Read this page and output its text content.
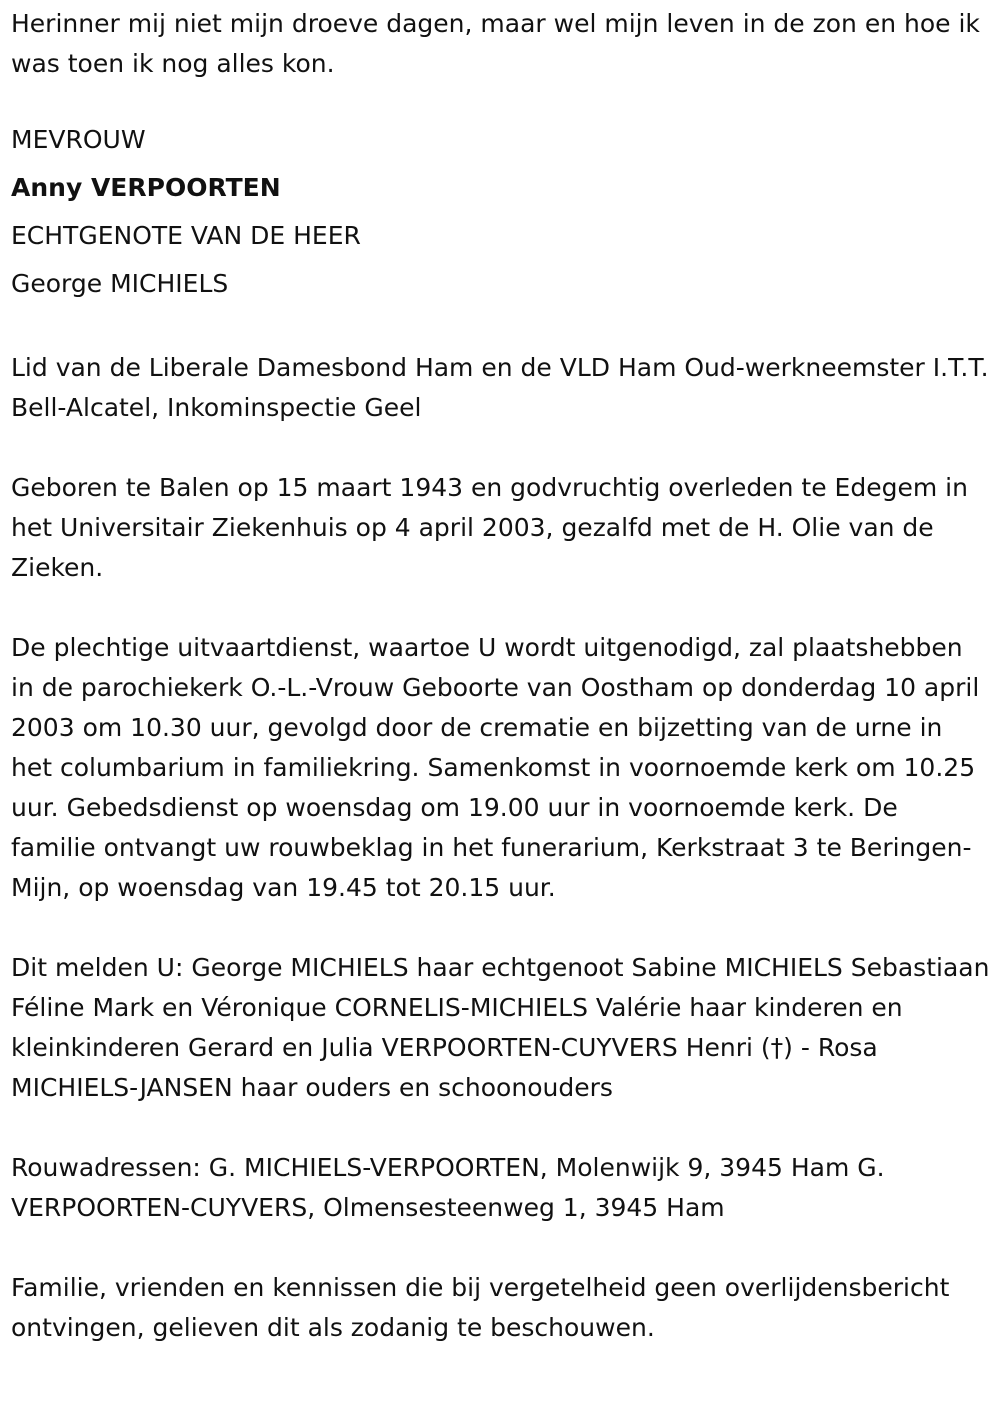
Herinner mij niet mijn droeve dagen, maar wel mijn leven in de zon en hoe ik was toen ik nog alles kon.

MEVROUW

Anny VERPOORTEN

ECHTGENOTE VAN DE HEER

George MICHIELS

Lid van de Liberale Damesbond Ham en de VLD Ham Oud-werkneemster I.T.T. Bell-Alcatel, Inkominspectie Geel

Geboren te Balen op 15 maart 1943 en godvruchtig overleden te Edegem in het Universitair Ziekenhuis op 4 april 2003, gezalfd met de H. Olie van de Zieken.

De plechtige uitvaartdienst, waartoe U wordt uitgenodigd, zal plaatshebben in de parochiekerk O.-L.-Vrouw Geboorte van Oostham op donderdag 10 april 2003 om 10.30 uur, gevolgd door de crematie en bijzetting van de urne in het columbarium in familiekring. Samenkomst in voornoemde kerk om 10.25 uur. Gebedsdienst op woensdag om 19.00 uur in voornoemde kerk. De familie ontvangt uw rouwbeklag in het funerarium, Kerkstraat 3 te Beringen-Mijn, op woensdag van 19.45 tot 20.15 uur.

Dit melden U: George MICHIELS haar echtgenoot Sabine MICHIELS Sebastiaan Féline Mark en Véronique CORNELIS-MICHIELS Valérie haar kinderen en kleinkinderen Gerard en Julia VERPOORTEN-CUYVERS Henri (†) - Rosa MICHIELS-JANSEN haar ouders en schoonouders

Rouwadressen: G. MICHIELS-VERPOORTEN, Molenwijk 9, 3945 Ham G. VERPOORTEN-CUYVERS, Olmensesteenweg 1, 3945 Ham

Familie, vrienden en kennissen die bij vergetelheid geen overlijdensbericht ontvingen, gelieven dit als zodanig te beschouwen.
